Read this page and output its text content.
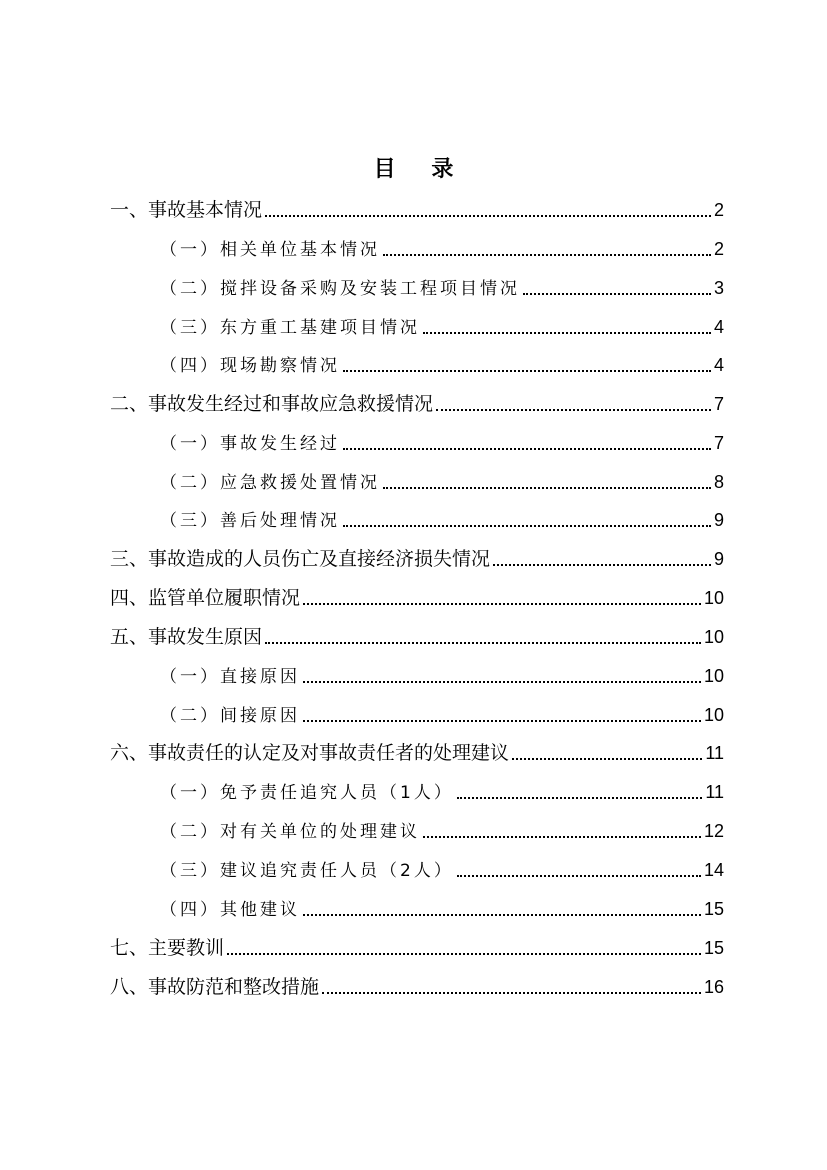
目 录
一、事故基本情况	2
（一）相关单位基本情况	2
（二）搅拌设备采购及安装工程项目情况	3
（三）东方重工基建项目情况	4
（四）现场勘察情况	4
二、事故发生经过和事故应急救援情况	7
（一）事故发生经过	7
（二）应急救援处置情况	8
（三）善后处理情况	9
三、事故造成的人员伤亡及直接经济损失情况	9
四、监管单位履职情况	10
五、事故发生原因	10
（一）直接原因	10
（二）间接原因	10
六、事故责任的认定及对事故责任者的处理建议	11
（一）免予责任追究人员（1人）	11
（二）对有关单位的处理建议	12
（三）建议追究责任人员（2人）	14
（四）其他建议	15
七、主要教训	15
八、事故防范和整改措施	16
